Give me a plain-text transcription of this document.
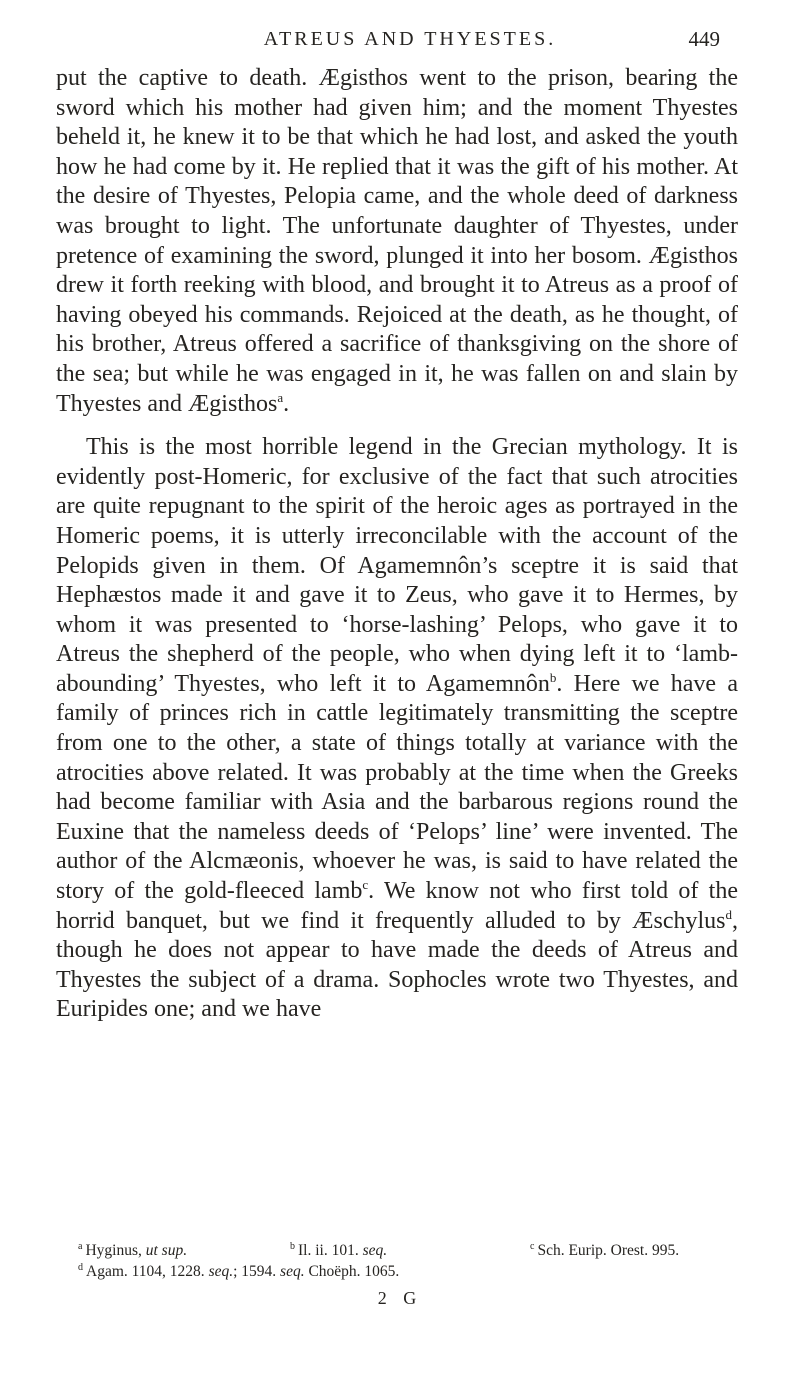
ATREUS AND THYESTES.	449

put the captive to death. Ægisthos went to the prison, bearing the sword which his mother had given him; and the moment Thyestes beheld it, he knew it to be that which he had lost, and asked the youth how he had come by it. He replied that it was the gift of his mother. At the desire of Thyestes, Pelopia came, and the whole deed of darkness was brought to light. The unfortunate daughter of Thyestes, under pretence of examining the sword, plunged it into her bosom. Ægisthos drew it forth reeking with blood, and brought it to Atreus as a proof of having obeyed his commands. Rejoiced at the death, as he thought, of his brother, Atreus offered a sacrifice of thanksgiving on the shore of the sea; but while he was engaged in it, he was fallen on and slain by Thyestes and Ægisthos$^a$.

This is the most horrible legend in the Grecian mythology. It is evidently post-Homeric, for exclusive of the fact that such atrocities are quite repugnant to the spirit of the heroic ages as portrayed in the Homeric poems, it is utterly irreconcilable with the account of the Pelopids given in them. Of Agamemnôn’s sceptre it is said that Hephæstos made it and gave it to Zeus, who gave it to Hermes, by whom it was presented to ‘horse-lashing’ Pelops, who gave it to Atreus the shepherd of the people, who when dying left it to ‘lamb-abounding’ Thyestes, who left it to Agamemnôn$^b$. Here we have a family of princes rich in cattle legitimately transmitting the sceptre from one to the other, a state of things totally at variance with the atrocities above related. It was probably at the time when the Greeks had become familiar with Asia and the barbarous regions round the Euxine that the nameless deeds of ‘Pelops’ line’ were invented. The author of the Alcmæonis, whoever he was, is said to have related the story of the gold-fleeced lamb$^c$. We know not who first told of the horrid banquet, but we find it frequently alluded to by Æschylus$^d$, though he does not appear to have made the deeds of Atreus and Thyestes the subject of a drama. Sophocles wrote two Thyestes, and Euripides one; and we have

$^a$ Hyginus, ut sup.	$^b$ Il. ii. 101. seq.	$^c$ Sch. Eurip. Orest. 995.
$^d$ Agam. 1104, 1228. seq.; 1594. seq. Choëph. 1065.
2 G
